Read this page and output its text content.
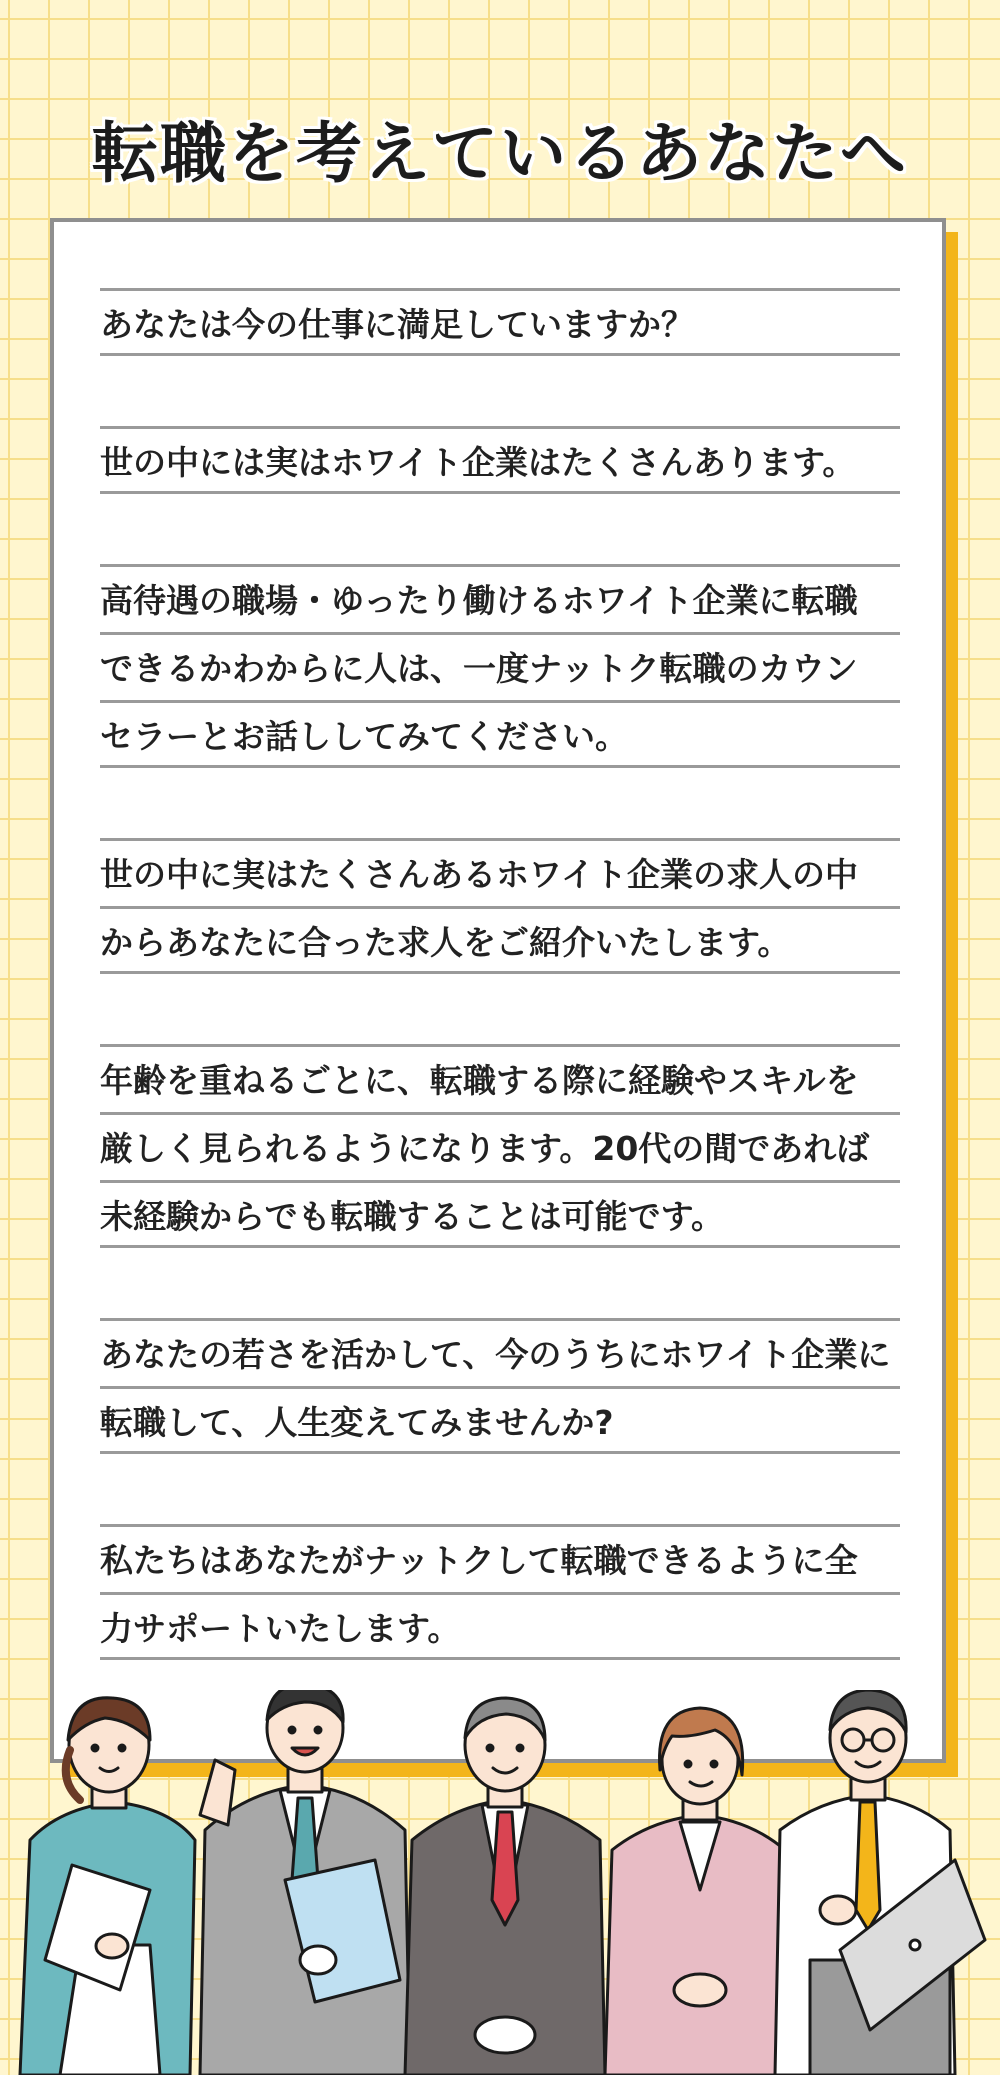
転職を考えているあなたへ
あなたは今の仕事に満足していますか？
世の中には実はホワイト企業はたくさんあります。
高待遇の職場・ゆったり働けるホワイト企業に転職
できるかわからに人は、一度ナットク転職のカウン
セラーとお話ししてみてください。
世の中に実はたくさんあるホワイト企業の求人の中
からあなたに合った求人をご紹介いたします。
年齢を重ねるごとに、転職する際に経験やスキルを
厳しく見られるようになります。20代の間であれば
未経験からでも転職することは可能です。
あなたの若さを活かして、今のうちにホワイト企業に
転職して、人生変えてみませんか?
私たちはあなたがナットクして転職できるように全
力サポートいたします。
